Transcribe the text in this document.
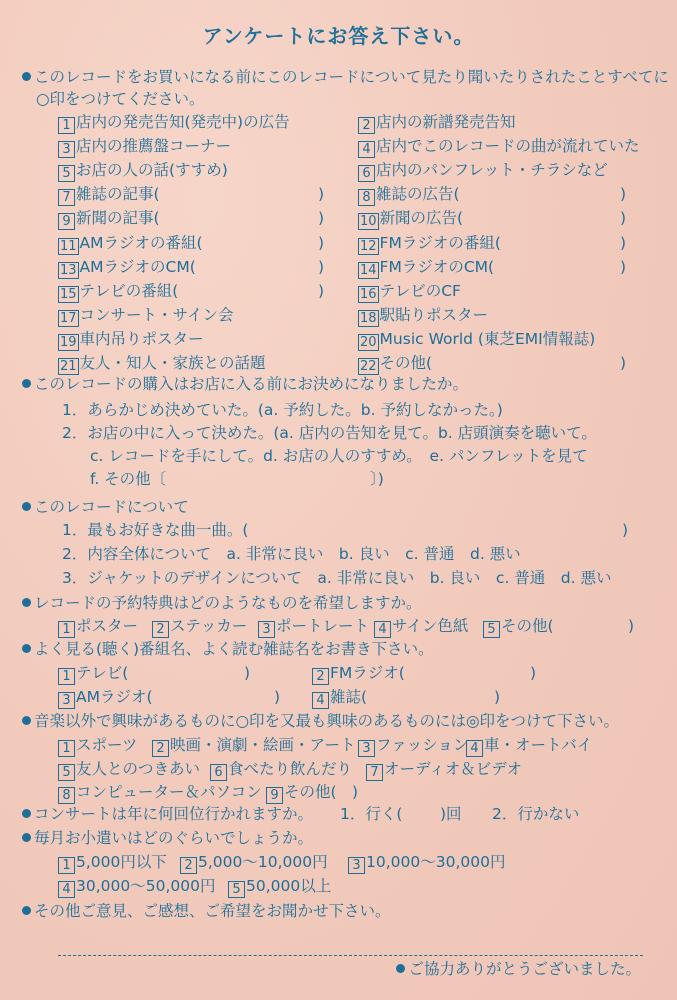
アンケートにお答え下さい。
このレコードをお買いになる前にこのレコードについて見たり聞いたりされたことすべてに
○印をつけてください。
1 店内の発売告知(発売中)の広告	2 店内の新譜発売告知
3 店内の推薦盤コーナー	4 店内でこのレコードの曲が流れていた
5 お店の人の話(すすめ)	6 店内のパンフレット・チラシなど
7 雑誌の記事(	)	8 雑誌の広告(	)
9 新聞の記事(	)	10 新聞の広告(	)
11 AMラジオの番組(	)	12 FMラジオの番組(	)
13 AMラジオのCM(	)	14 FMラジオのCM(	)
15 テレビの番組(	)	16 テレビのCF
17 コンサート・サイン会	18 駅貼りポスター
19 車内吊りポスター	20 Music World (東芝EMI情報誌)
21 友人・知人・家族との話題	22 その他(	)
このレコードの購入はお店に入る前にお決めになりましたか。
1．あらかじめ決めていた。(a. 予約した。b. 予約しなかった。)
2．お店の中に入って決めた。(a. 店内の告知を見て。b. 店頭演奏を聴いて。
c. レコードを手にして。d. お店の人のすすめ。　e. パンフレットを見て
f. その他〔	〕)
このレコードについて
1．最もお好きな曲一曲。(	)
2．内容全体について　a. 非常に良い　b. 良い　c. 普通　d. 悪い
3．ジャケットのデザインについて　a. 非常に良い　b. 良い　c. 普通　d. 悪い
レコードの予約特典はどのようなものを希望しますか。
1 ポスター	2 ステッカー	3 ポートレート 4 サイン色紙	5 その他(	)
よく見る(聴く)番組名、よく読む雑誌名をお書き下さい。
1 テレビ(	)	2 FMラジオ(	)
3 AMラジオ(	)	4 雑誌(	)
音楽以外で興味があるものに○印を又最も興味のあるものには◎印をつけて下さい。
1 スポーツ	2 映画・演劇・絵画・アート 3 ファッション 4 車・オートバイ
5 友人とのつきあい	6 食べたり飲んだり	7 オーディオ＆ビデオ
8 コンピューター＆パソコン 9 その他( )
コンサートは年に何回位行かれますか。 1．行く( )回 2．行かない
毎月お小遣いはどのぐらいでしょうか。
1 5,000円以下	2 5,000～10,000円	3 10,000～30,000円
4 30,000～50,000円	5 50,000以上
その他ご意見、ご感想、ご希望をお聞かせ下さい。
ご協力ありがとうございました。
